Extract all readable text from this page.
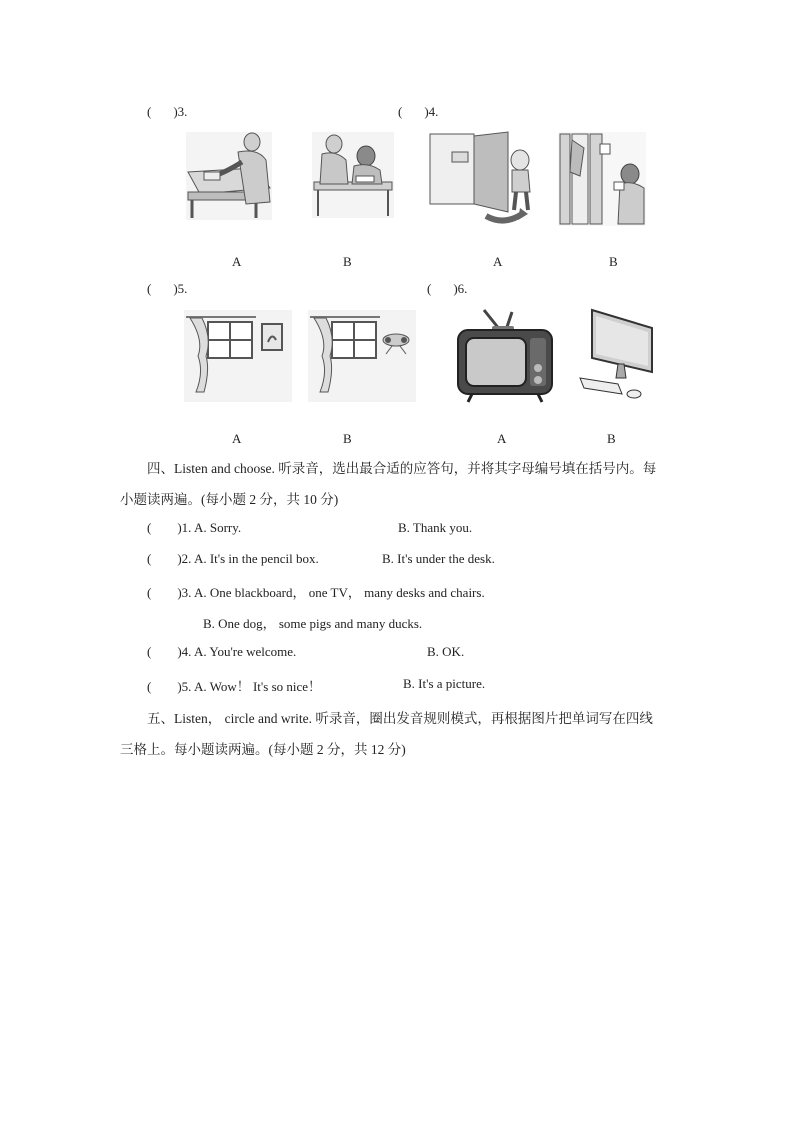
( )3.	( )4.
( )5.	( )6.
A	B	A	B
A	B	A	B
四、Listen and choose. 听录音，选出最合适的应答句，并将其字母编号填在括号内。每
小题读两遍。(每小题 2 分，共 10 分)
( )1. A. Sorry.	B. Thank you.
( )2. A. It's in the pencil box.	B. It's under the desk.
( )3. A. One blackboard， one TV， many desks and chairs.
B. One dog， some pigs and many ducks.
( )4. A. You're welcome.	B. OK.
( )5. A. Wow！ It's so nice！	B. It's a picture.
五、Listen， circle and write. 听录音，圈出发音规则模式，再根据图片把单词写在四线
三格上。每小题读两遍。(每小题 2 分，共 12 分)
